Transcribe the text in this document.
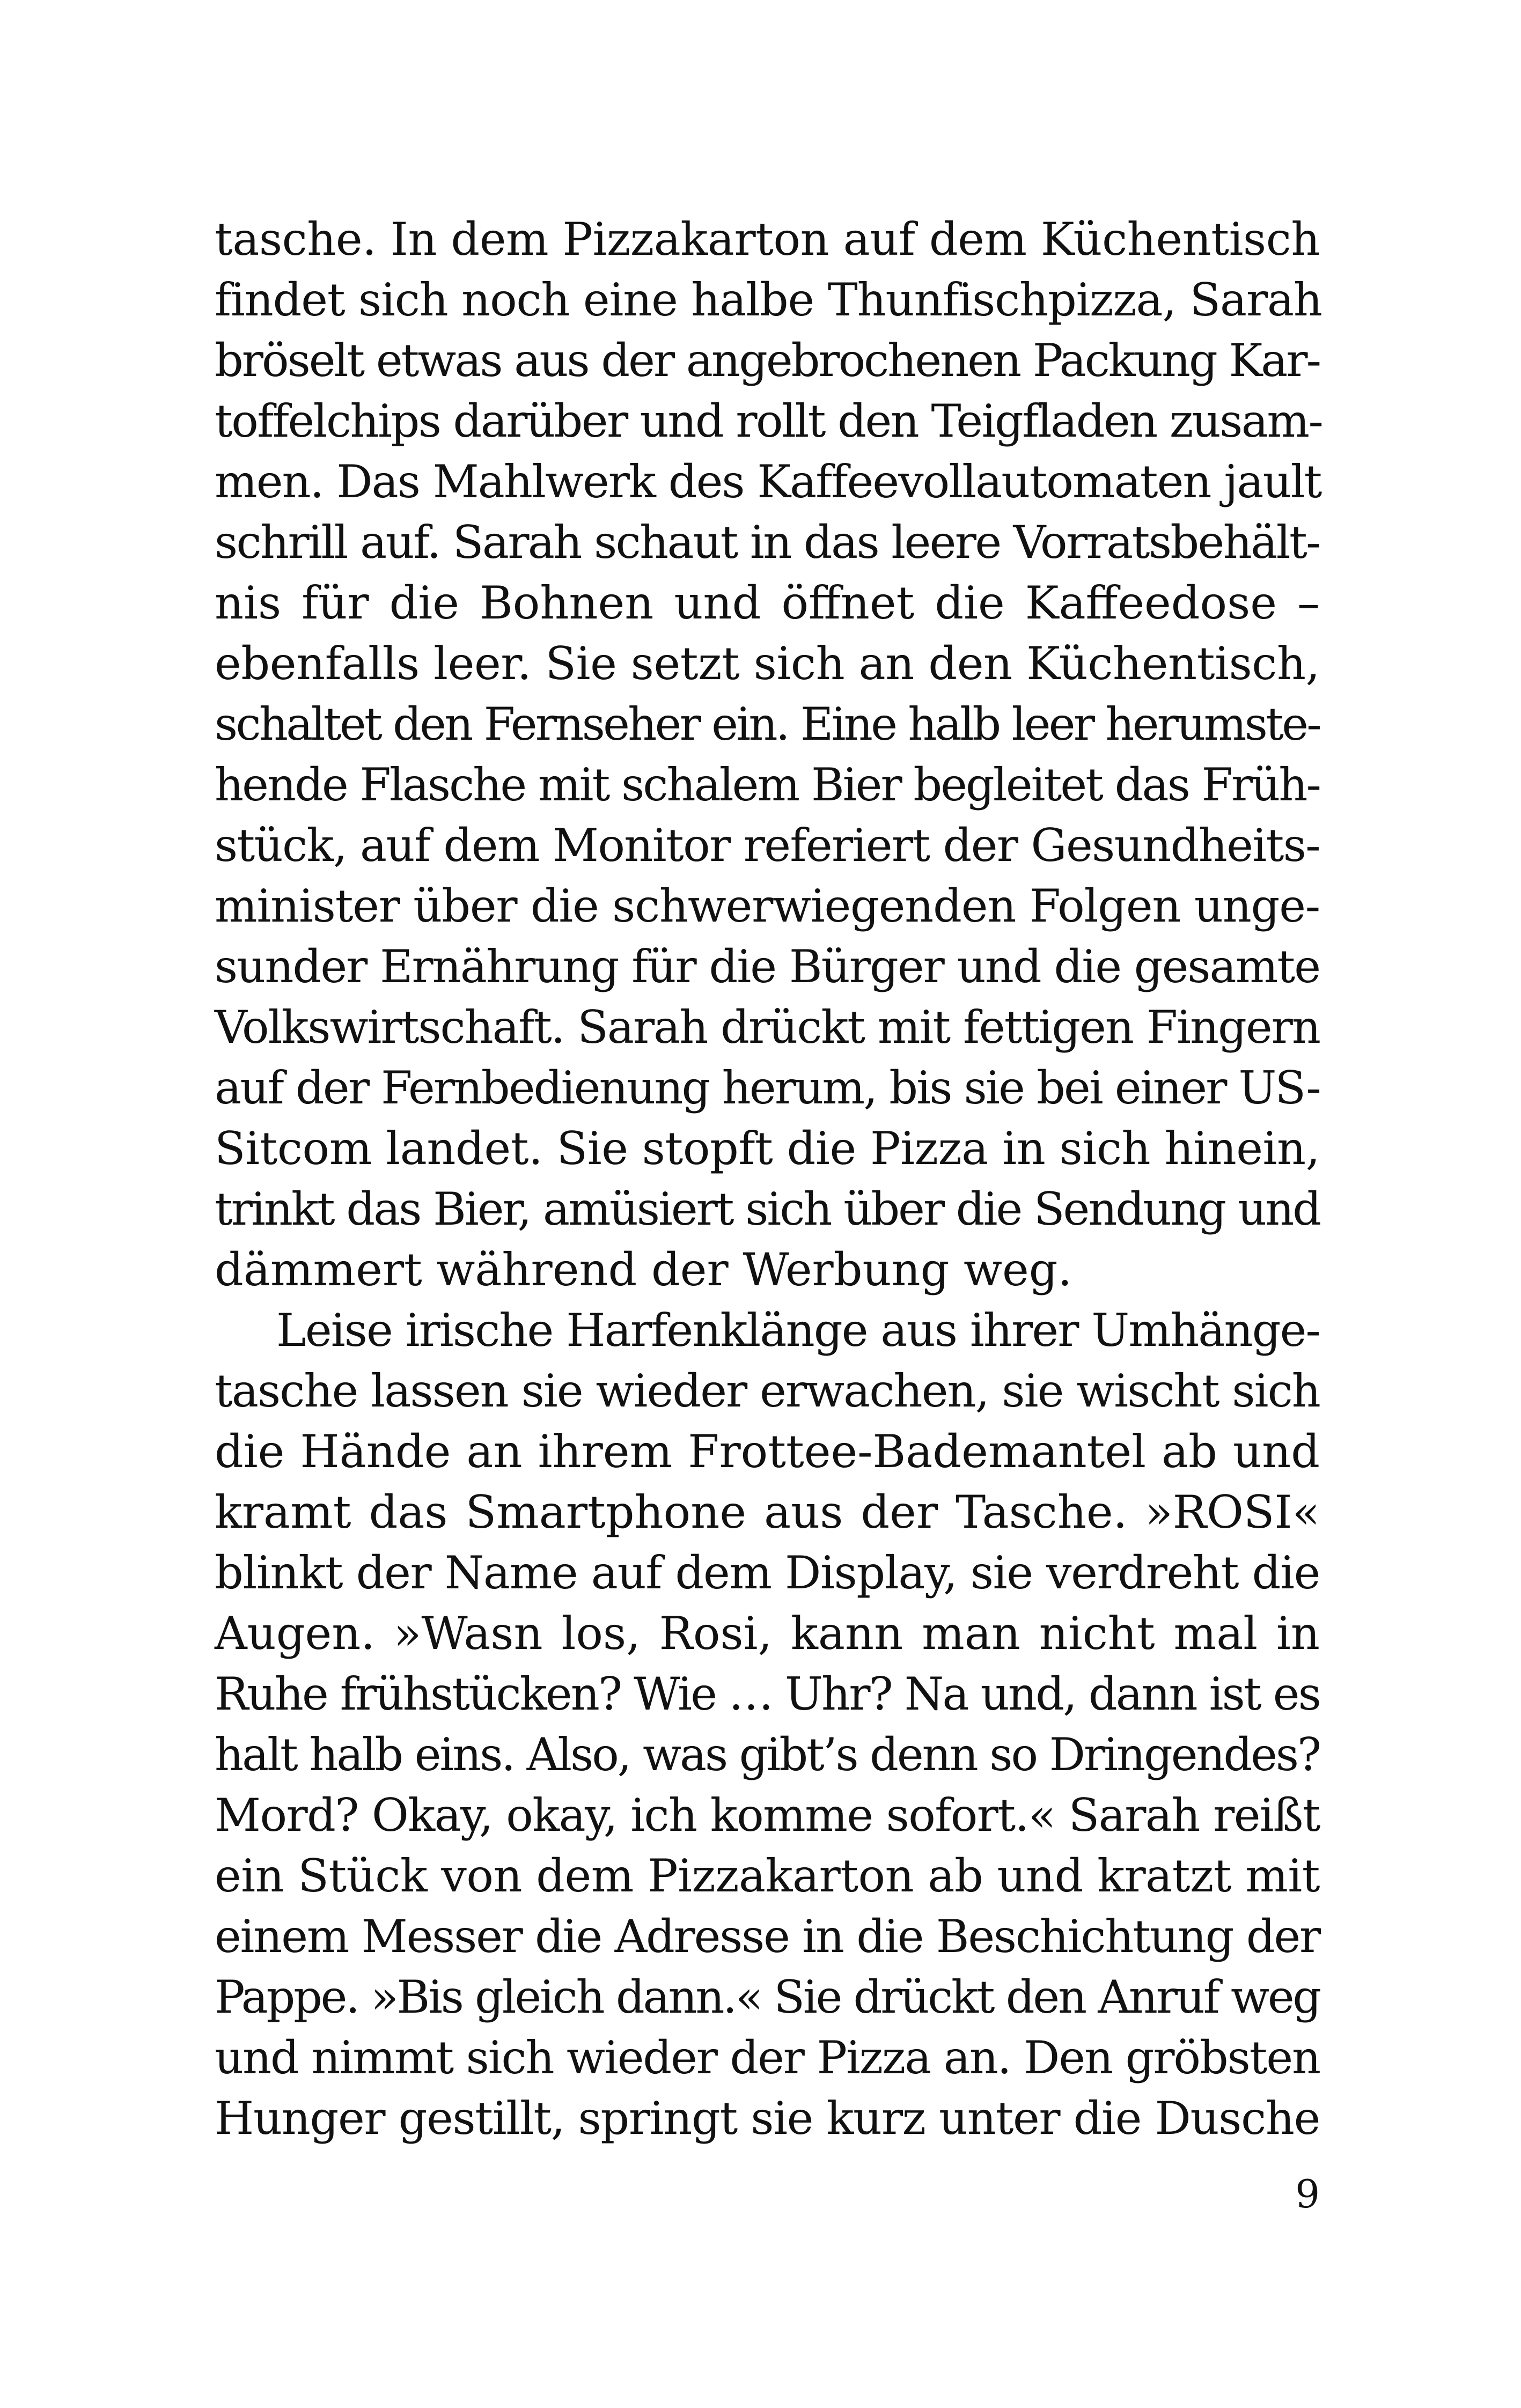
tasche. In dem Pizzakarton auf dem Küchentisch
findet sich noch eine halbe Thunfischpizza, Sarah
bröselt etwas aus der angebrochenen Packung Kar-
toffelchips darüber und rollt den Teigfladen zusam-
men. Das Mahlwerk des Kaffeevollautomaten jault
schrill auf. Sarah schaut in das leere Vorratsbehält-
nis für die Bohnen und öffnet die Kaffeedose –
ebenfalls leer. Sie setzt sich an den Küchentisch,
schaltet den Fernseher ein. Eine halb leer herumste-
hende Flasche mit schalem Bier begleitet das Früh-
stück, auf dem Monitor referiert der Gesundheits-
minister über die schwerwiegenden Folgen unge-
sunder Ernährung für die Bürger und die gesamte
Volkswirtschaft. Sarah drückt mit fettigen Fingern
auf der Fernbedienung herum, bis sie bei einer US-
Sitcom landet. Sie stopft die Pizza in sich hinein,
trinkt das Bier, amüsiert sich über die Sendung und
dämmert während der Werbung weg.
Leise irische Harfenklänge aus ihrer Umhänge-
tasche lassen sie wieder erwachen, sie wischt sich
die Hände an ihrem Frottee-Bademantel ab und
kramt das Smartphone aus der Tasche. »ROSI«
blinkt der Name auf dem Display, sie verdreht die
Augen. »Wasn los, Rosi, kann man nicht mal in
Ruhe frühstücken? Wie … Uhr? Na und, dann ist es
halt halb eins. Also, was gibt’s denn so Dringendes?
Mord? Okay, okay, ich komme sofort.« Sarah reißt
ein Stück von dem Pizzakarton ab und kratzt mit
einem Messer die Adresse in die Beschichtung der
Pappe. »Bis gleich dann.« Sie drückt den Anruf weg
und nimmt sich wieder der Pizza an. Den gröbsten
Hunger gestillt, springt sie kurz unter die Dusche
9
